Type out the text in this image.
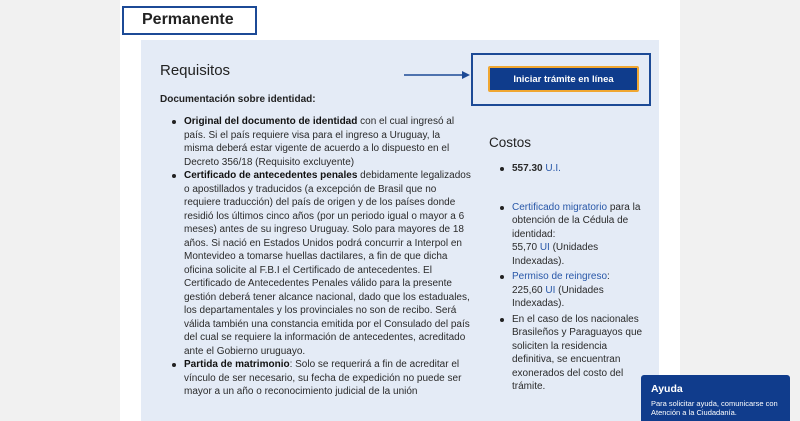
Permanente
Requisitos
Documentación sobre identidad:
Original del documento de identidad con el cual ingresó al país. Si el país requiere visa para el ingreso a Uruguay, la misma deberá estar vigente de acuerdo a lo dispuesto en el Decreto 356/18 (Requisito excluyente)
Certificado de antecedentes penales debidamente legalizados o apostillados y traducidos (a excepción de Brasil que no requiere traducción) del país de origen y de los países donde residió los últimos cinco años (por un periodo igual o mayor a 6 meses) antes de su ingreso Uruguay. Solo para mayores de 18 años. Si nació en Estados Unidos podrá concurrir a Interpol en Montevideo a tomarse huellas dactilares, a fin de que dicha oficina solicite al F.B.I el Certificado de antecedentes. El Certificado de Antecedentes Penales válido para la presente gestión deberá tener alcance nacional, dado que los estaduales, los departamentales y los provinciales no son de recibo. Será válida también una constancia emitida por el Consulado del país del cual se requiere la información de antecedentes, acreditado ante el Gobierno uruguayo.
Partida de matrimonio: Solo se requerirá a fin de acreditar el vínculo de ser necesario, su fecha de expedición no puede ser mayor a un año o reconocimiento judicial de la unión
Iniciar trámite en línea
Costos
557.30 U.I.
Certificado migratorio para la obtención de la Cédula de identidad:
55,70 UI (Unidades Indexadas).
Permiso de reingreso:
225,60 UI (Unidades Indexadas).
En el caso de los nacionales Brasileños y Paraguayos que soliciten la residencia definitiva, se encuentran exonerados del costo del trámite.	Ayuda
Para solicitar ayuda, comunicarse con Atención a la Ciudadanía.
